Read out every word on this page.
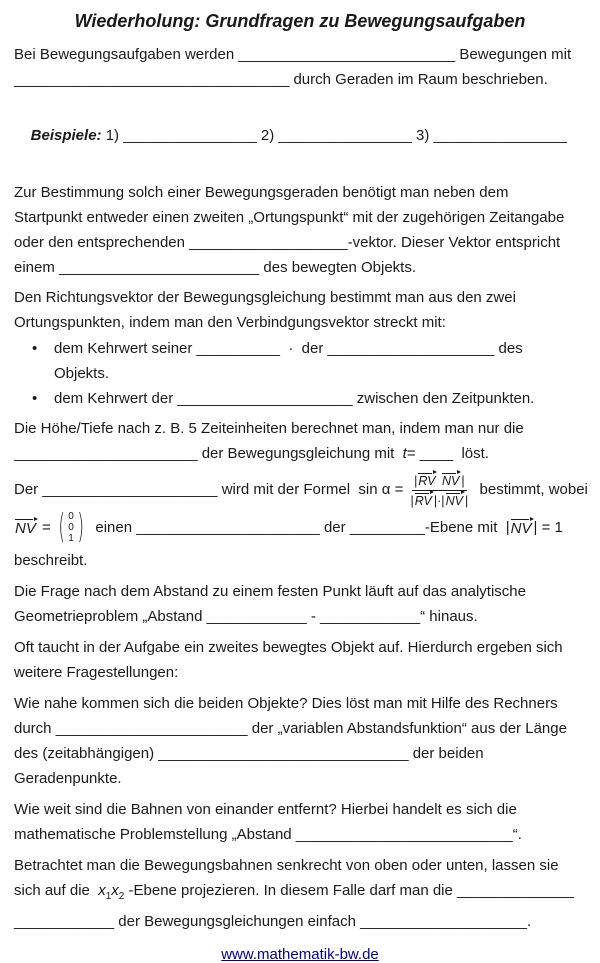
Wiederholung: Grundfragen zu Bewegungsaufgaben
Bei Bewegungsaufgaben werden __________________________ Bewegungen mit
_________________________________ durch Geraden im Raum beschrieben.

Beispiele: 1) ________________ 2) ________________ 3) ________________

Zur Bestimmung solch einer Bewegungsgeraden benötigt man neben dem
Startpunkt entweder einen zweiten „Ortungspunkt“ mit der zugehörigen Zeitangabe
oder den entsprechenden ___________________-vektor. Dieser Vektor entspricht
einem ________________________ des bewegten Objekts.
Den Richtungsvektor der Bewegungsgleichung bestimmt man aus den zwei
Ortungspunkten, indem man den Verbindgungsvektor streckt mit:
•	dem Kehrwert seiner __________  ·  der ____________________ des
Objekts.
•	dem Kehrwert der _____________________ zwischen den Zeitpunkten.
Die Höhe/Tiefe nach z. B. 5 Zeiteinheiten berechnet man, indem man nur die
______________________ der Bewegungsgleichung mit  t= ____  löst.
Der _____________________ wird mit der Formel $\sin \alpha = \frac{\text{|RV NV |}}{|RV |\cdot|NV |}$ bestimmt, wobei
NV = ( 0
0
1 ) einen ______________________ der _________-Ebene mit | NV | = 1
beschreibt.
Die Frage nach dem Abstand zu einem festen Punkt läuft auf das analytische
Geometrieproblem „Abstand ____________ - ____________“ hinaus.
Oft taucht in der Aufgabe ein zweites bewegtes Objekt auf. Hierdurch ergeben sich
weitere Fragestellungen:
Wie nahe kommen sich die beiden Objekte? Dies löst man mit Hilfe des Rechners
durch _______________________ der „variablen Abstandsfunktion“ aus der Länge
des (zeitabhängigen) ______________________________ der beiden
Geradenpunkte.
Wie weit sind die Bahnen von einander entfernt? Hierbei handelt es sich die
mathematische Problemstellung „Abstand __________________________“.
Betrachtet man die Bewegungsbahnen senkrecht von oben oder unten, lassen sie
sich auf die  $x_1x_2$ -Ebene projezieren. In diesem Falle darf man die ______________
____________ der Bewegungsgleichungen einfach ____________________.
www.mathematik-bw.de
